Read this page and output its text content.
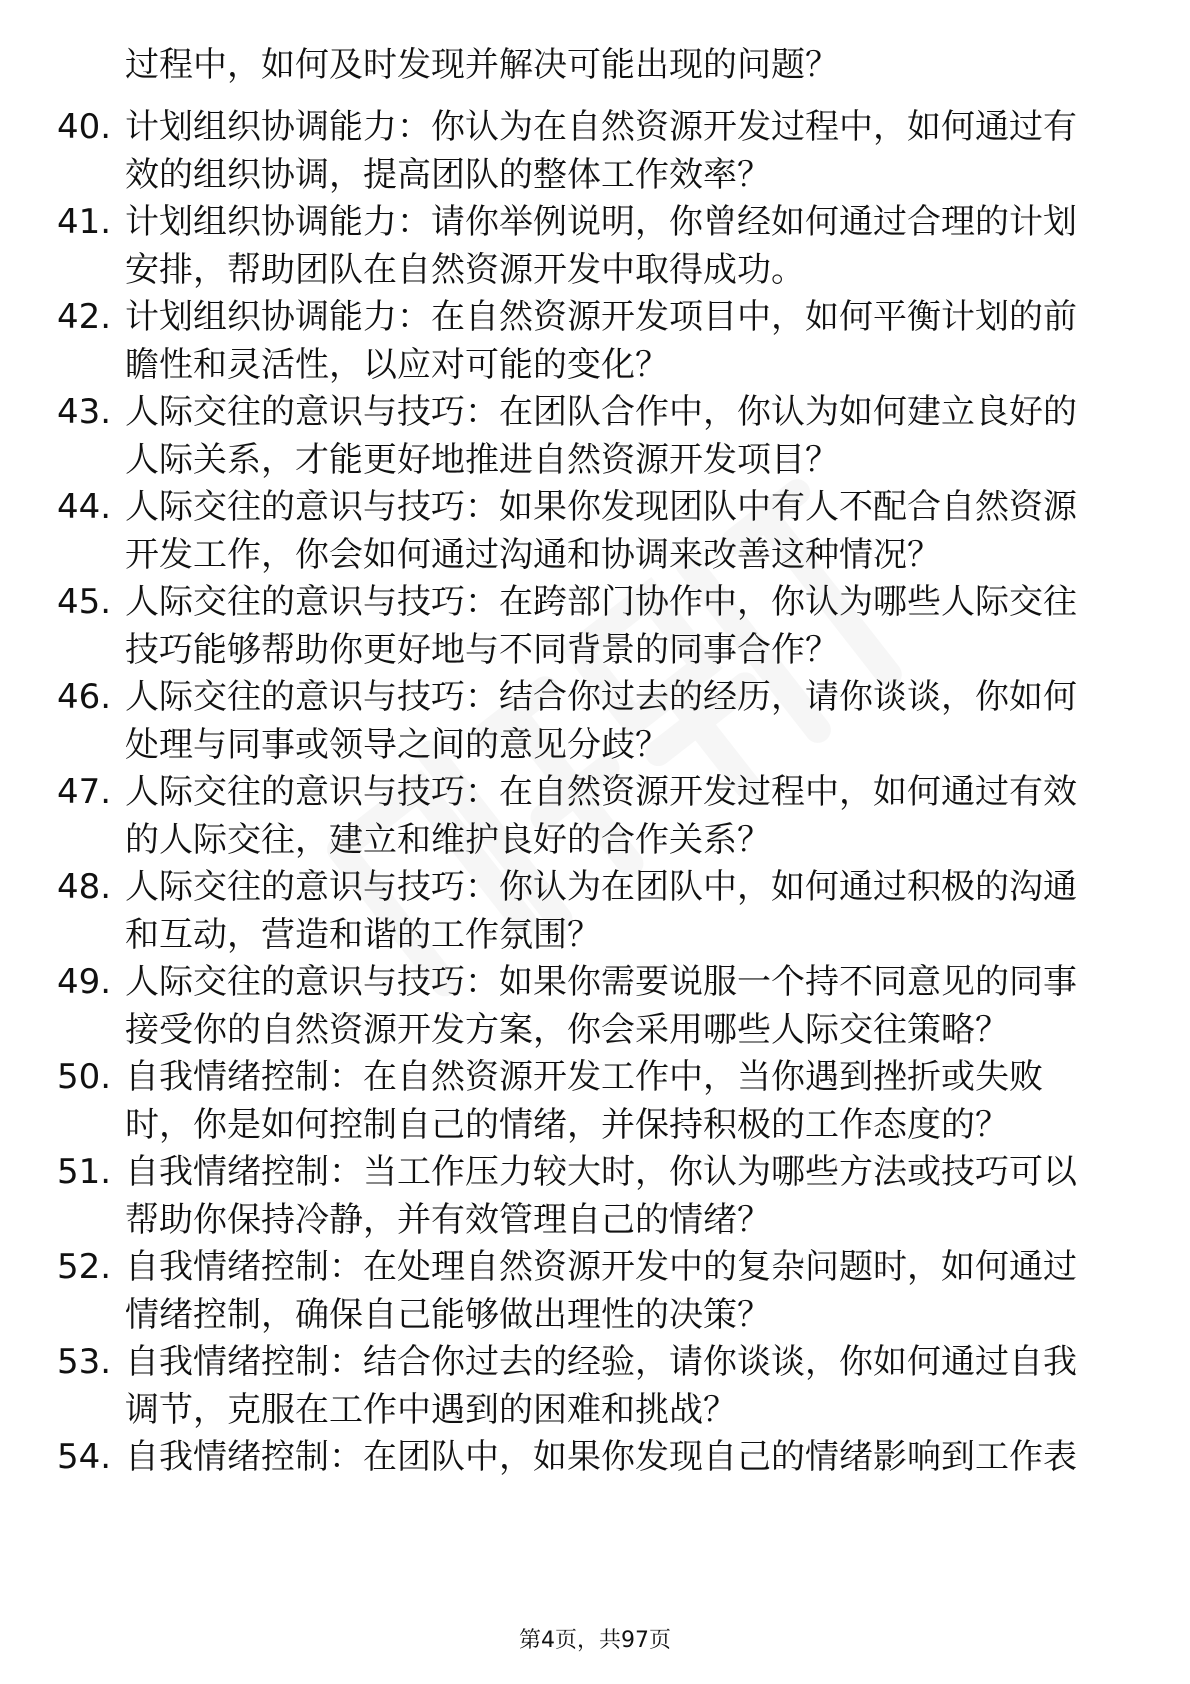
过程中，如何及时发现并解决可能出现的问题？
40. 计划组织协调能力：你认为在自然资源开发过程中，如何通过有
效的组织协调，提高团队的整体工作效率？
41. 计划组织协调能力：请你举例说明，你曾经如何通过合理的计划
安排，帮助团队在自然资源开发中取得成功。
42. 计划组织协调能力：在自然资源开发项目中，如何平衡计划的前
瞻性和灵活性，以应对可能的变化？
43. 人际交往的意识与技巧：在团队合作中，你认为如何建立良好的
人际关系，才能更好地推进自然资源开发项目？
44. 人际交往的意识与技巧：如果你发现团队中有人不配合自然资源
开发工作，你会如何通过沟通和协调来改善这种情况？
45. 人际交往的意识与技巧：在跨部门协作中，你认为哪些人际交往
技巧能够帮助你更好地与不同背景的同事合作？
46. 人际交往的意识与技巧：结合你过去的经历，请你谈谈，你如何
处理与同事或领导之间的意见分歧？
47. 人际交往的意识与技巧：在自然资源开发过程中，如何通过有效
的人际交往，建立和维护良好的合作关系？
48. 人际交往的意识与技巧：你认为在团队中，如何通过积极的沟通
和互动，营造和谐的工作氛围？
49. 人际交往的意识与技巧：如果你需要说服一个持不同意见的同事
接受你的自然资源开发方案，你会采用哪些人际交往策略？
50. 自我情绪控制：在自然资源开发工作中，当你遇到挫折或失败
时，你是如何控制自己的情绪，并保持积极的工作态度的？
51. 自我情绪控制：当工作压力较大时，你认为哪些方法或技巧可以
帮助你保持冷静，并有效管理自己的情绪？
52. 自我情绪控制：在处理自然资源开发中的复杂问题时，如何通过
情绪控制，确保自己能够做出理性的决策？
53. 自我情绪控制：结合你过去的经验，请你谈谈，你如何通过自我
调节，克服在工作中遇到的困难和挑战？
54. 自我情绪控制：在团队中，如果你发现自己的情绪影响到工作表
第4页，共97页
